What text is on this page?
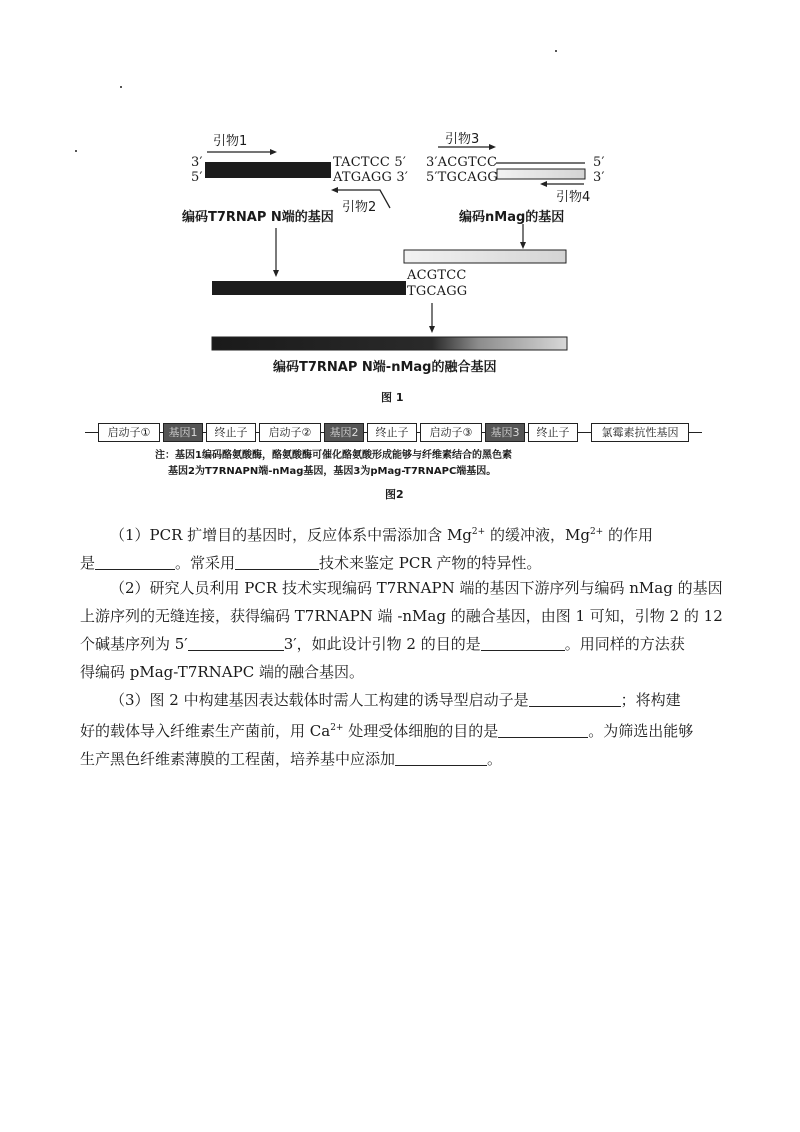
引物1	引物3
引物4
引物2
3′
5′
TACTCC 5′
ATGAGG 3′
3′ACGTCC
5′TGCAGG
5′
3′
编码T7RNAP N端的基因	编码nMag的基因
ACGTCC
TGCAGG
编码T7RNAP N端-nMag的融合基因
图 1
启动子①	基因1	终止子	启动子②	基因2	终止子	启动子③	基因3	终止子	氯霉素抗性基因
注：基因1编码酪氨酸酶，酪氨酸酶可催化酪氨酸形成能够与纤维素结合的黑色素
基因2为T7RNAPN端-nMag基因，基因3为pMag-T7RNAPC端基因。
图2

（1）PCR 扩增目的基因时，反应体系中需添加含 $Mg^{2+}$ 的缓冲液，$Mg^{2+}$ 的作用

是	。常采用	技术来鉴定 PCR 产物的特异性。

（2）研究人员利用 PCR 技术实现编码 T7RNAPN 端的基因下游序列与编码 nMag 的基因

上游序列的无缝连接，获得编码 T7RNAPN 端 -nMag 的融合基因，由图 1 可知，引物 2 的 12

个碱基序列为 5′	3′，如此设计引物 2 的目的是	。用同样的方法获

得编码 pMag-T7RNAPC 端的融合基因。

（3）图 2 中构建基因表达载体时需人工构建的诱导型启动子是	；将构建

好的载体导入纤维素生产菌前，用 $Ca^{2+}$ 处理受体细胞的目的是	。为筛选出能够

生产黑色纤维素薄膜的工程菌，培养基中应添加	。
